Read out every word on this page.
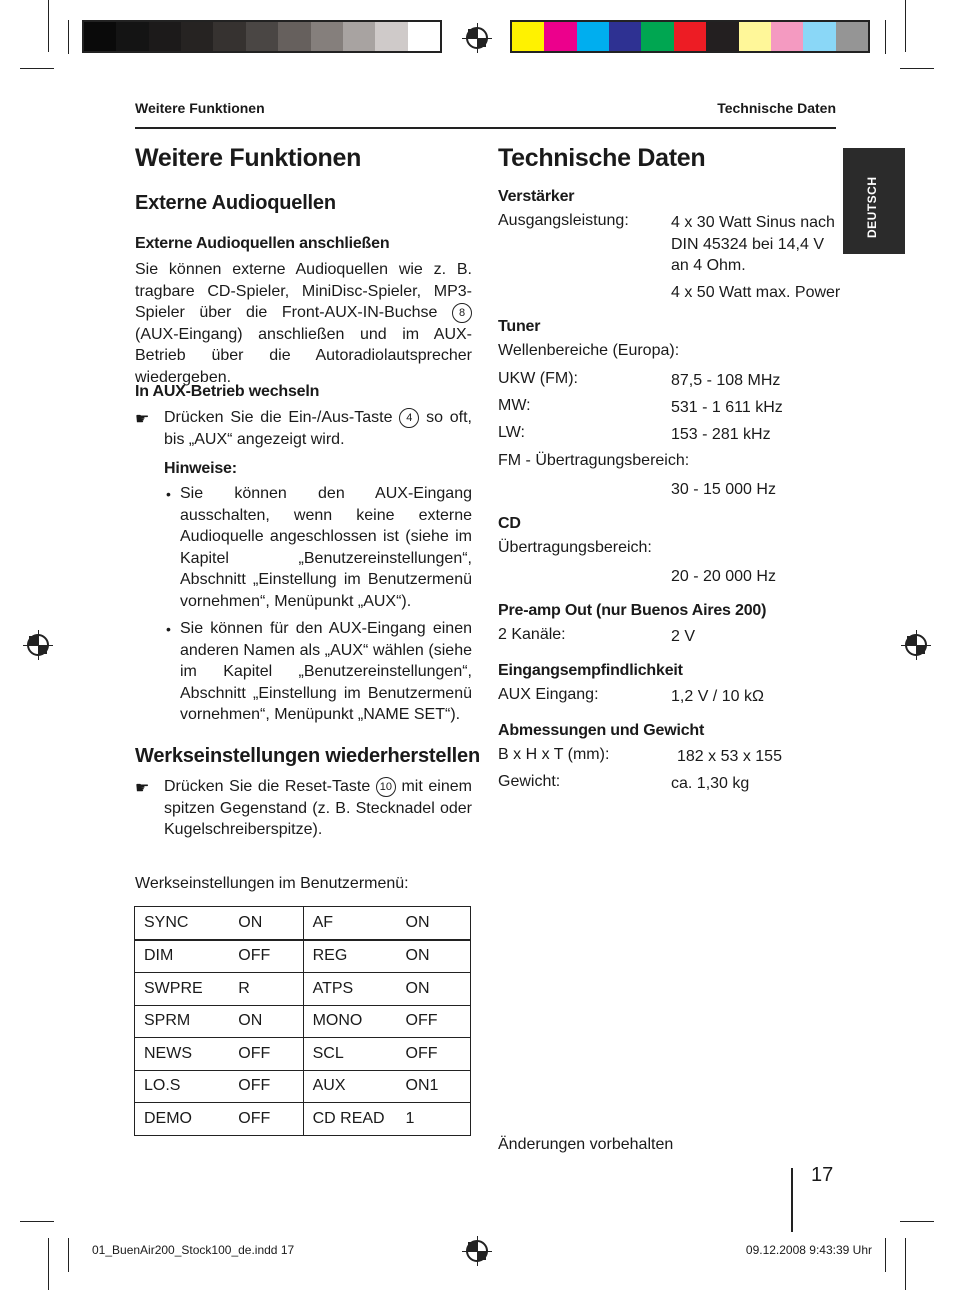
Weitere Funktionen	Technische Daten
DEUTSCH
Weitere Funktionen
Externe Audioquellen
Externe Audioquellen anschließen
Sie können externe Audioquellen wie z. B. tragbare CD-Spieler, MiniDisc-Spieler, MP3-Spieler über die Front-AUX-IN-Buchse 8 (AUX-Eingang) anschließen und im AUX-Betrieb über die Autoradiolautsprecher wiedergeben.
In AUX-Betrieb wechseln
☛ Drücken Sie die Ein-/Aus-Taste 4 so oft, bis „AUX“ angezeigt wird.
Hinweise:
• Sie können den AUX-Eingang ausschalten, wenn keine externe Audioquelle angeschlossen ist (siehe im Kapitel „Benutzereinstellungen“, Abschnitt „Einstellung im Benutzermenü vornehmen“, Menüpunkt „AUX“).
• Sie können für den AUX-Eingang einen anderen Namen als „AUX“ wählen (siehe im Kapitel „Benutzereinstellungen“, Abschnitt „Einstellung im Benutzermenü vornehmen“, Menüpunkt „NAME SET“).
Werkseinstellungen wiederherstellen
☛ Drücken Sie die Reset-Taste 10 mit einem spitzen Gegenstand (z. B. Stecknadel oder Kugelschreiberspitze).
Werkseinstellungen im Benutzermenü:
SYNC	ON	AF	ON
DIM	OFF	REG	ON
SWPRE	R	ATPS	ON
SPRM	ON	MONO	OFF
NEWS	OFF	SCL	OFF
LO.S	OFF	AUX	ON1
DEMO	OFF	CD READ	1
Technische Daten
Verstärker
Ausgangsleistung:	4 x 30 Watt Sinus nach DIN 45324 bei 14,4 V an 4 Ohm.
4 x 50 Watt max. Power
Tuner
Wellenbereiche (Europa):
UKW (FM):	87,5 - 108 MHz
MW:	531 - 1 611 kHz
LW:	153 - 281 kHz
FM - Übertragungsbereich:
30 - 15 000 Hz
CD
Übertragungsbereich:
20 - 20 000 Hz
Pre-amp Out (nur Buenos Aires 200)
2 Kanäle:	2 V
Eingangsempfindlichkeit
AUX Eingang:	1,2 V / 10 kΩ
Abmessungen und Gewicht
B x H x T (mm):	182 x 53 x 155
Gewicht:	ca. 1,30 kg
Änderungen vorbehalten
17
01_BuenAir200_Stock100_de.indd 17	09.12.2008 9:43:39 Uhr
